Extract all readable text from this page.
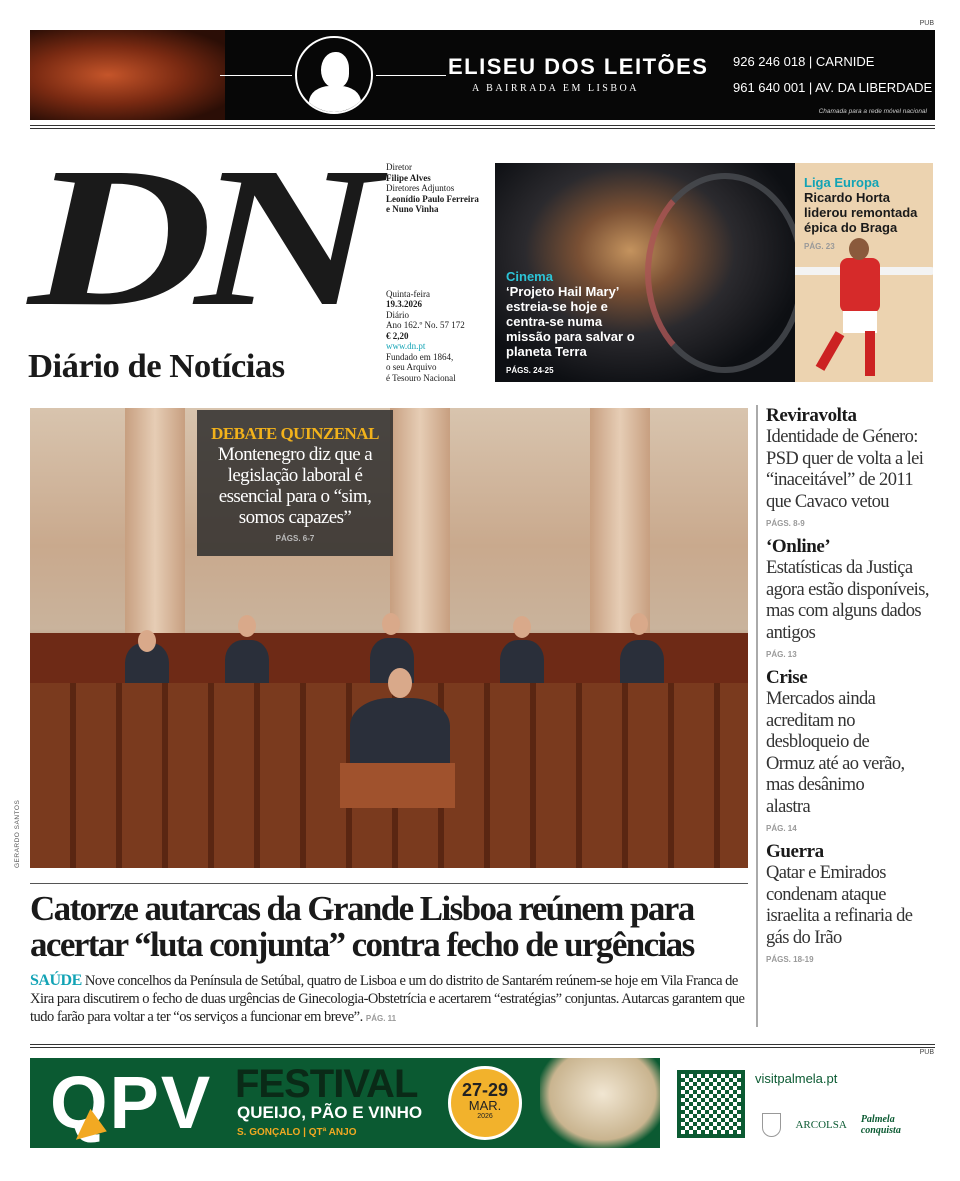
PUB
ELISEU DOS LEITÕES
A BAIRRADA EM LISBOA
926 246 018 | CARNIDE
961 640 001 | AV. DA LIBERDADE
Chamada para a rede móvel nacional
DN
Diário de Notícias
Diretor
Filipe Alves
Diretores Adjuntos
Leonídio Paulo Ferreira
e Nuno Vinha
Quinta-feira
19.3.2026
Diário
Ano 162.º No. 57 172
€ 2,20
www.dn.pt
Fundado em 1864,
o seu Arquivo
é Tesouro Nacional
Cinema
‘Projeto Hail Mary’ estreia-se hoje e centra-se numa missão para salvar o planeta Terra
PÁGS. 24-25
Liga Europa
Ricardo Horta liderou remontada épica do Braga
PÁG. 23
DEBATE QUINZENAL
Montenegro diz que a legislação laboral é essencial para o “sim, somos capazes”
PÁGS. 6-7
GERARDO SANTOS
Reviravolta
Identidade de Género: PSD quer de volta a lei “inaceitável” de 2011 que Cavaco vetou
PÁGS. 8-9
‘Online’
Estatísticas da Justiça agora estão disponíveis, mas com alguns dados antigos
PÁG. 13
Crise
Mercados ainda acreditam no desbloqueio de Ormuz até ao verão, mas desânimo alastra
PÁG. 14
Guerra
Qatar e Emirados condenam ataque israelita a refinaria de gás do Irão
PÁGS. 18-19
Catorze autarcas da Grande Lisboa reúnem para acertar “luta conjunta” contra fecho de urgências
SAÚDE Nove concelhos da Península de Setúbal, quatro de Lisboa e um do distrito de Santarém reúnem-se hoje em Vila Franca de Xira para discutirem o fecho de duas urgências de Ginecologia-Obstetrícia e acertarem “estratégias” conjuntas. Autarcas garantem que tudo farão para voltar a ter “os serviços a funcionar em breve”. PÁG. 11
PUB
QPV FESTIVAL
QUEIJO, PÃO E VINHO
S. GONÇALO | QTª ANJO
27-29
MAR.
2026
visitpalmela.pt
ARCOLSA Palmela conquista
